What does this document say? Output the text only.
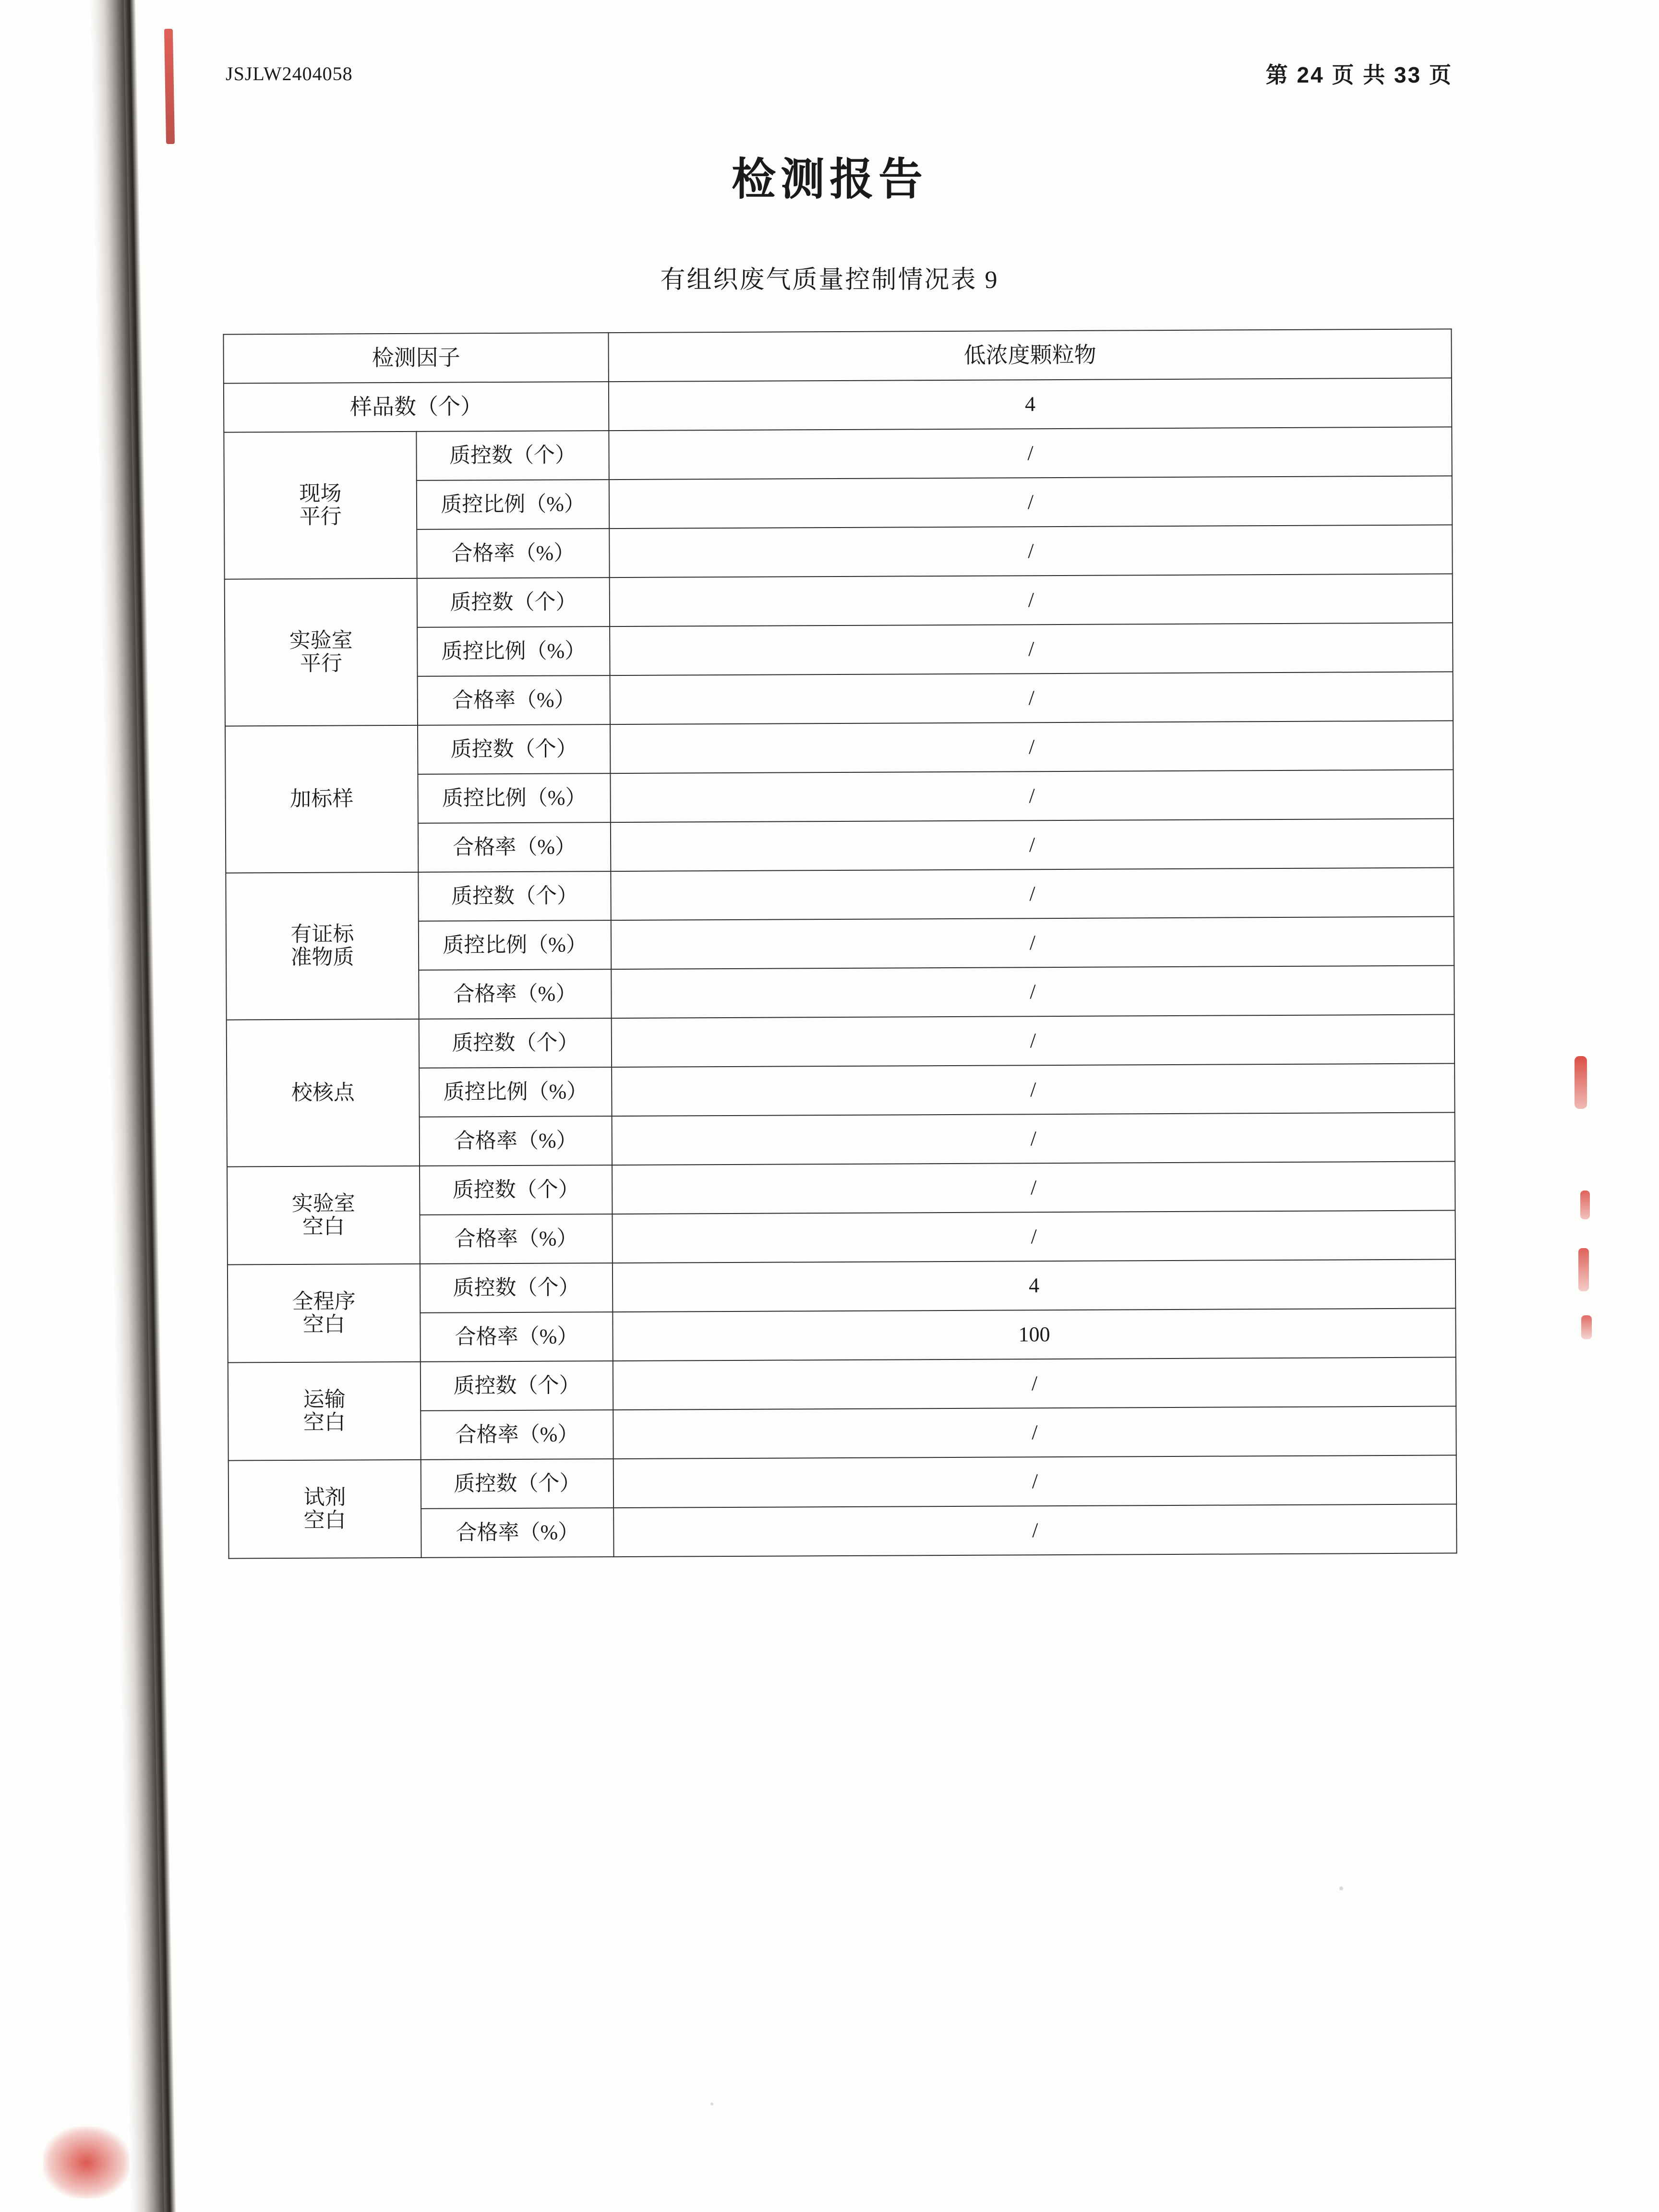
JSJLW2404058	第 24 页 共 33 页
检测报告
有组织废气质量控制情况表 9
检测因子		低浓度颗粒物
样品数（个）		4

现场
平行	质控数（个）	/
	质控比例（%）	/
	合格率（%）	/

实验室
平行	质控数（个）	/
	质控比例（%）	/
	合格率（%）	/

加标样	质控数（个）	/
	质控比例（%）	/
	合格率（%）	/

有证标
准物质	质控数（个）	/
	质控比例（%）	/
	合格率（%）	/

校核点	质控数（个）	/
	质控比例（%）	/
	合格率（%）	/

实验室
空白	质控数（个）	/
	合格率（%）	/

全程序
空白	质控数（个）	4
	合格率（%）	100

运输
空白	质控数（个）	/
	合格率（%）	/

试剂
空白	质控数（个）	/
	合格率（%）	/
